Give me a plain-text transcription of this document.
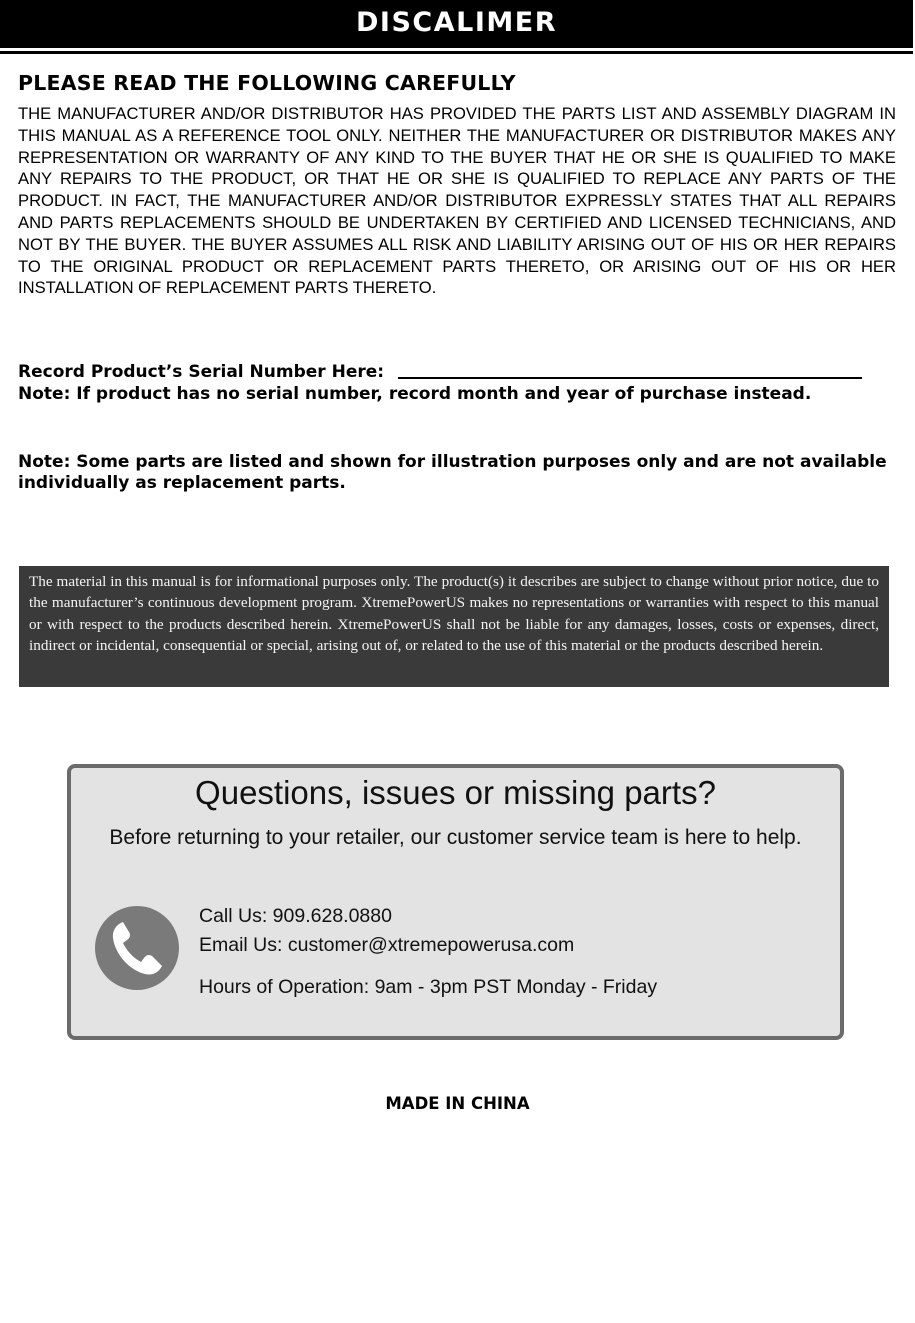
DISCALIMER
PLEASE READ THE FOLLOWING CAREFULLY
THE MANUFACTURER AND/OR DISTRIBUTOR HAS PROVIDED THE PARTS LIST AND ASSEMBLY DIAGRAM IN THIS MANUAL AS A REFERENCE TOOL ONLY. NEITHER THE MANUFACTURER OR DISTRIBUTOR MAKES ANY REPRESENTATION OR WARRANTY OF ANY KIND TO THE BUYER THAT HE OR SHE IS QUALIFIED TO MAKE ANY REPAIRS TO THE PRODUCT, OR THAT HE OR SHE IS QUALIFIED TO REPLACE ANY PARTS OF THE PRODUCT. IN FACT, THE MANUFACTURER AND/OR DISTRIBUTOR EXPRESSLY STATES THAT ALL REPAIRS AND PARTS REPLACEMENTS SHOULD BE UNDERTAKEN BY CERTIFIED AND LICENSED TECHNICIANS, AND NOT BY THE BUYER. THE BUYER ASSUMES ALL RISK AND LIABILITY ARISING OUT OF HIS OR HER REPAIRS TO THE ORIGINAL PRODUCT OR REPLACEMENT PARTS THERETO, OR ARISING OUT OF HIS OR HER INSTALLATION OF REPLACEMENT PARTS THERETO.
Record Product’s Serial Number Here:
Note: If product has no serial number, record month and year of purchase instead.
Note: Some parts are listed and shown for illustration purposes only and are not available individually as replacement parts.

The material in this manual is for informational purposes only. The product(s) it describes are subject to change without prior notice, due to the manufacturer’s continuous development program. XtremePowerUS makes no representations or warranties with respect to this manual or with respect to the products described herein. XtremePowerUS shall not be liable for any damages, losses, costs or expenses, direct, indirect or incidental, consequential or special, arising out of, or related to the use of this material or the products described herein.

Questions, issues or missing parts?
Before returning to your retailer, our customer service team is here to help.
Call Us: 909.628.0880
Email Us: customer@xtremepowerusa.com
Hours of Operation: 9am - 3pm PST Monday - Friday
MADE IN CHINA
